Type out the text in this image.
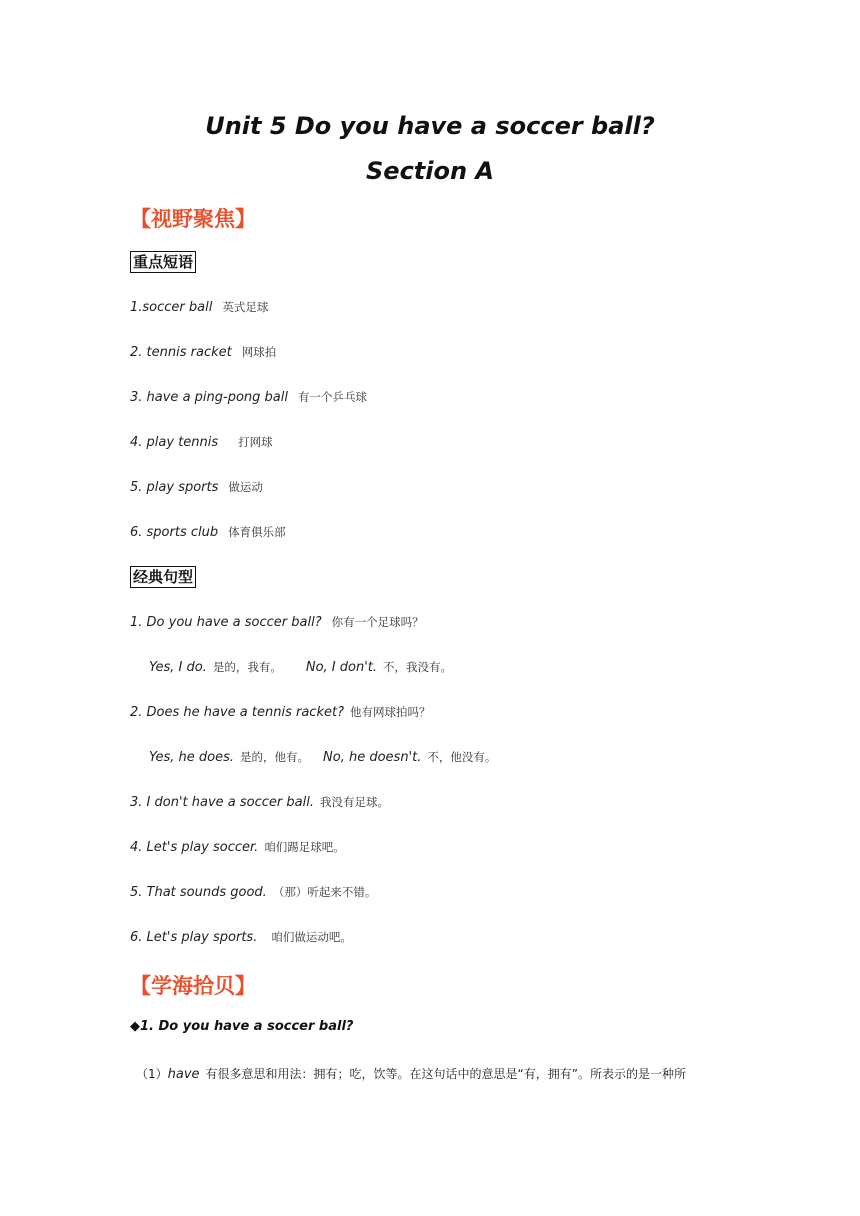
Unit 5 Do you have a soccer ball?
Section A
【视野聚焦】
重点短语
1.soccer ball 英式足球
2. tennis racket 网球拍
3. have a ping-pong ball 有一个乒乓球
4. play tennis 打网球
5. play sports 做运动
6. sports club 体育俱乐部
经典句型
1. Do you have a soccer ball? 你有一个足球吗？
Yes, I do. 是的，我有。 No, I don't. 不，我没有。
2. Does he have a tennis racket? 他有网球拍吗？
Yes, he does. 是的，他有。 No, he doesn't. 不，他没有。
3. I don't have a soccer ball. 我没有足球。
4. Let's play soccer. 咱们踢足球吧。
5. That sounds good. （那）听起来不错。
6. Let's play sports. 咱们做运动吧。
【学海拾贝】
◆1. Do you have a soccer ball?
（1）have 有很多意思和用法：拥有；吃，饮等。在这句话中的意思是“有，拥有”。所表示的是一种所
